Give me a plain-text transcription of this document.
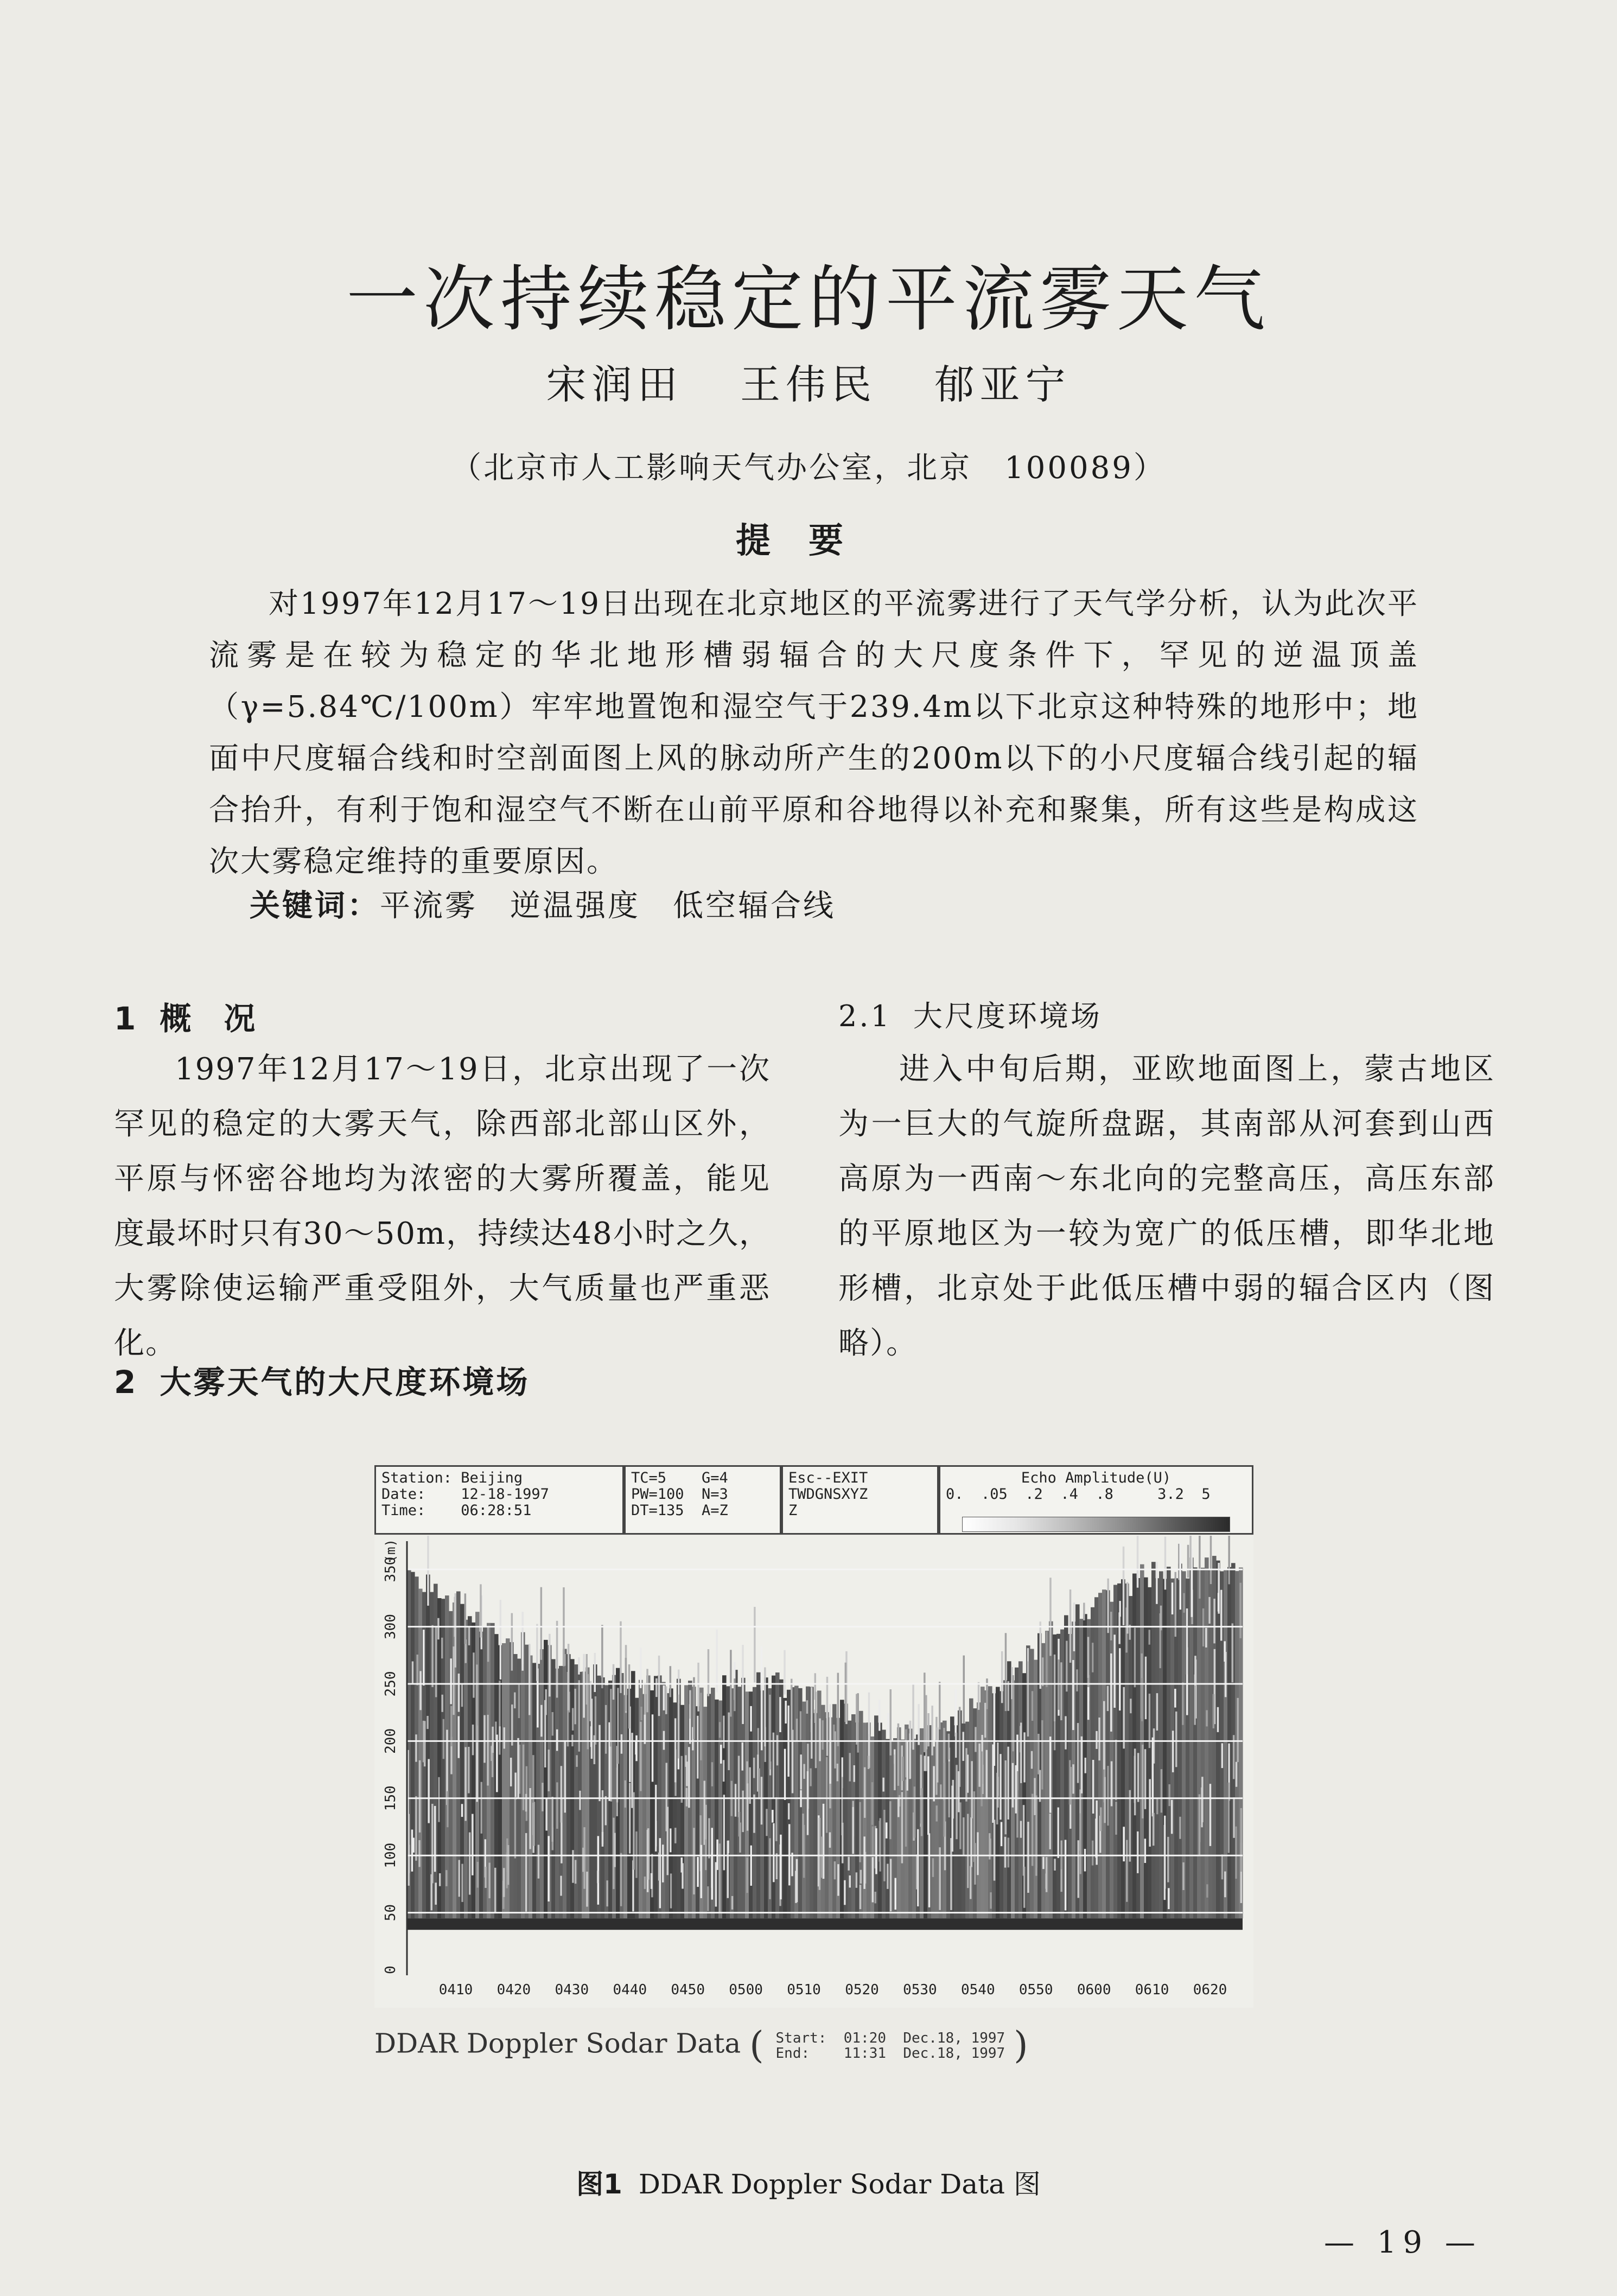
一次持续稳定的平流雾天气
宋润田 王伟民 郁亚宁
（北京市人工影响天气办公室，北京　100089）
提要
对1997年12月17～19日出现在北京地区的平流雾进行了天气学分析，认为此次平流雾是在较为稳定的华北地形槽弱辐合的大尺度条件下，罕见的逆温顶盖（γ=5.84℃/100m）牢牢地置饱和湿空气于239.4m以下北京这种特殊的地形中；地面中尺度辐合线和时空剖面图上风的脉动所产生的200m以下的小尺度辐合线引起的辐合抬升，有利于饱和湿空气不断在山前平原和谷地得以补充和聚集，所有这些是构成这次大雾稳定维持的重要原因。
关键词：平流雾 逆温强度 低空辐合线
1 概况
1997年12月17～19日，北京出现了一次罕见的稳定的大雾天气，除西部北部山区外，平原与怀密谷地均为浓密的大雾所覆盖，能见度最坏时只有30～50m，持续达48小时之久，大雾除使运输严重受阻外，大气质量也严重恶化。
2 大雾天气的大尺度环境场
2.1 大尺度环境场
进入中旬后期，亚欧地面图上，蒙古地区为一巨大的气旋所盘踞，其南部从河套到山西高原为一西南～东北向的完整高压，高压东部的平原地区为一较为宽广的低压槽，即华北地形槽，北京处于此低压槽中弱的辐合区内（图略）。
Station: Beijing
Date:    12-18-1997
Time:    06:28:51
TC=5    G=4
PW=100  N=3
DT=135  A=Z
Esc--EXIT
TWDGNSXYZ
Z
Echo Amplitude(U)
0.  .05  .2  .4  .8     3.2  5
0
50
100
150
200
250
300
350
(m)
0410 0420 0430 0440 0450 0500 0510 0520 0530 0540 0550 0600 0610 0620
DDAR Doppler Sodar Data ( Start:  01:20  Dec.18, 1997
End:    11:31  Dec.18, 1997 )
图1 DDAR Doppler Sodar Data 图
— 19 —
